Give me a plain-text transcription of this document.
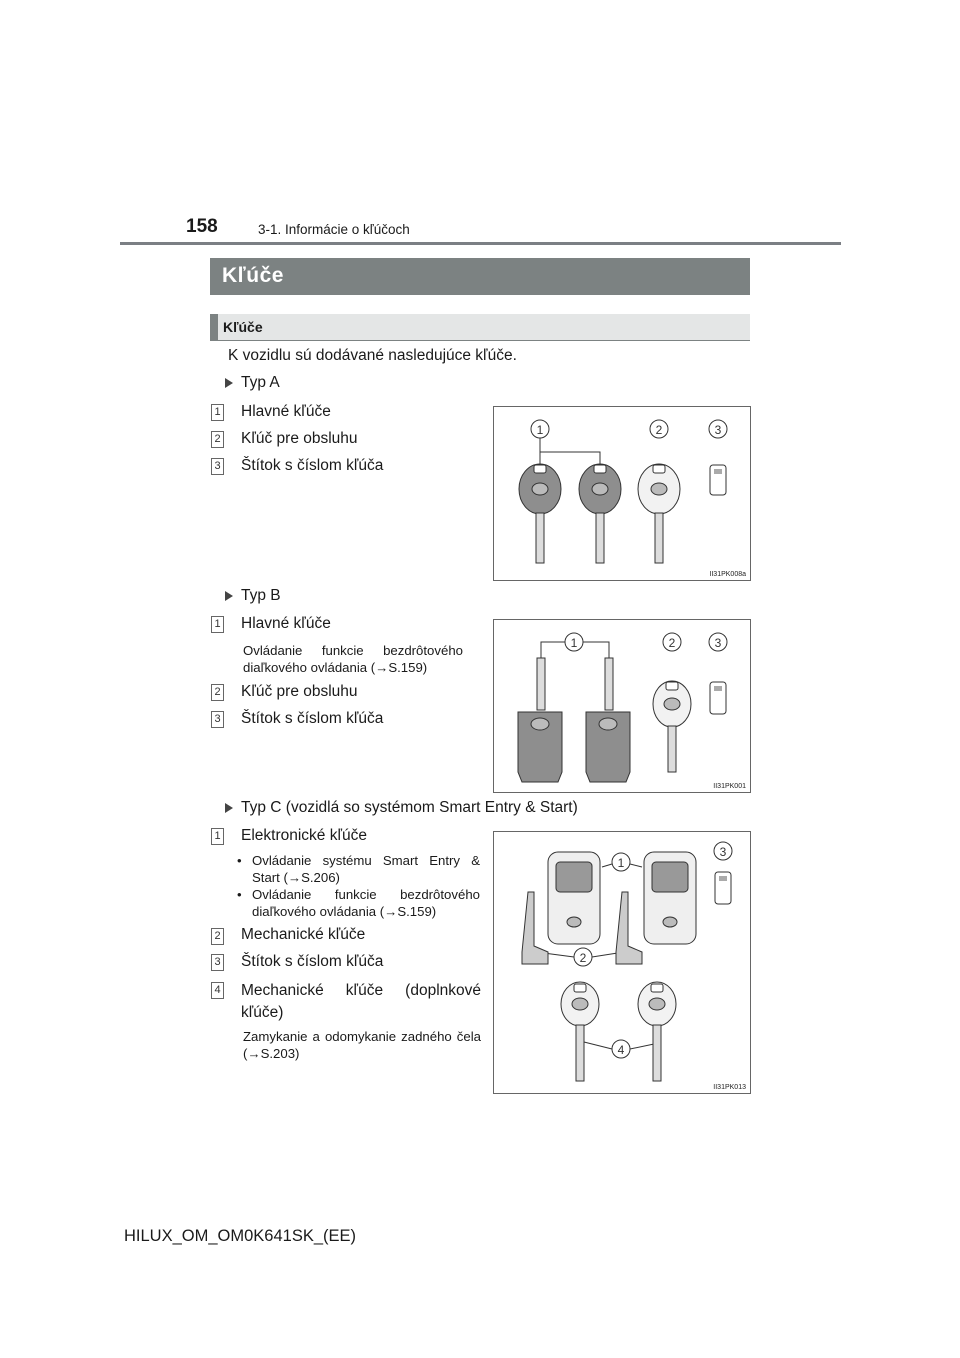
158	3-1. Informácie o kľúčoch
Kľúče
Kľúče
K vozidlu sú dodávané nasledujúce kľúče.
Typ A
1 Hlavné kľúče
2 Kľúč pre obsluhu
3 Štítok s číslom kľúča
1	2	3
II31PK008a
Typ B
1 Hlavné kľúče
Ovládanie funkcie bezdrôtového diaľkového ovládania (→S.159)
2 Kľúč pre obsluhu
3 Štítok s číslom kľúča
1	2	3
II31PK001
Typ C (vozidlá so systémom Smart Entry & Start)
1 Elektronické kľúče
• Ovládanie systému Smart Entry & Start (→S.206)
• Ovládanie funkcie bezdrôtového diaľkového ovládania (→S.159)
2 Mechanické kľúče
3 Štítok s číslom kľúča
4 Mechanické kľúče (doplnkové kľúče)
Zamykanie a odomykanie zadného čela (→S.203)
1
2
3
4
II31PK013
HILUX_OM_OM0K641SK_(EE)
